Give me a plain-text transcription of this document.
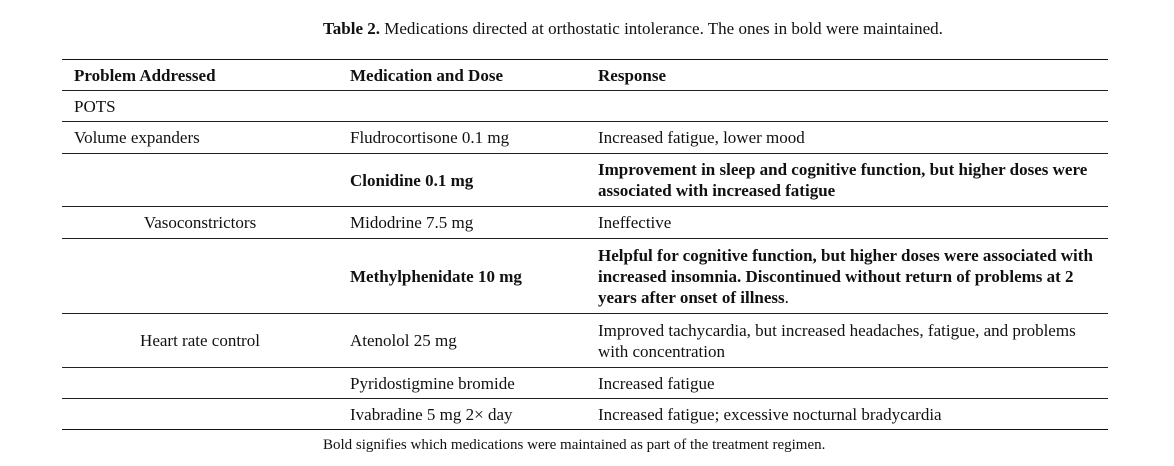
Table 2. Medications directed at orthostatic intolerance. The ones in bold were maintained.
Problem Addressed	Medication and Dose	Response
POTS		
Volume expanders	Fludrocortisone 0.1 mg	Increased fatigue, lower mood
	Clonidine 0.1 mg	Improvement in sleep and cognitive function, but higher doses were associated with increased fatigue
Vasoconstrictors	Midodrine 7.5 mg	Ineffective
	Methylphenidate 10 mg	Helpful for cognitive function, but higher doses were associated with increased insomnia. Discontinued without return of problems at 2 years after onset of illness.
Heart rate control	Atenolol 25 mg	Improved tachycardia, but increased headaches, fatigue, and problems with concentration
	Pyridostigmine bromide	Increased fatigue
	Ivabradine 5 mg 2× day	Increased fatigue; excessive nocturnal bradycardia
Bold signifies which medications were maintained as part of the treatment regimen.
